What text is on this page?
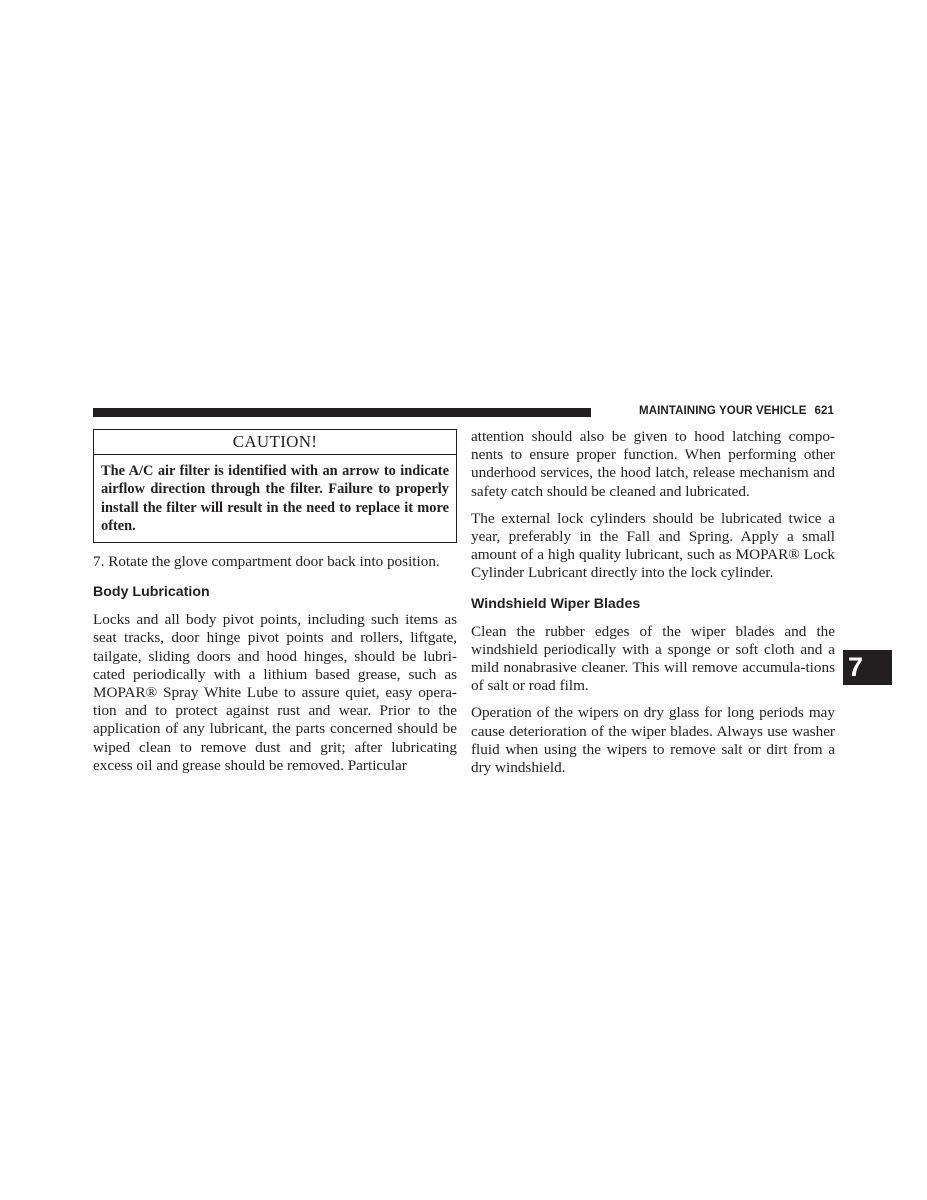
MAINTAINING YOUR VEHICLE 621
CAUTION!
The A/C air filter is identified with an arrow to indicate airflow direction through the filter. Failure to properly install the filter will result in the need to replace it more often.

7. Rotate the glove compartment door back into position.

Body Lubrication

Locks and all body pivot points, including such items as seat tracks, door hinge pivot points and rollers, liftgate, tailgate, sliding doors and hood hinges, should be lubri-cated periodically with a lithium based grease, such as MOPAR® Spray White Lube to assure quiet, easy opera-tion and to protect against rust and wear. Prior to the application of any lubricant, the parts concerned should be wiped clean to remove dust and grit; after lubricating excess oil and grease should be removed. Particular

attention should also be given to hood latching compo-nents to ensure proper function. When performing other underhood services, the hood latch, release mechanism and safety catch should be cleaned and lubricated.

The external lock cylinders should be lubricated twice a year, preferably in the Fall and Spring. Apply a small amount of a high quality lubricant, such as MOPAR® Lock Cylinder Lubricant directly into the lock cylinder.

Windshield Wiper Blades

Clean the rubber edges of the wiper blades and the windshield periodically with a sponge or soft cloth and a mild nonabrasive cleaner. This will remove accumula-tions of salt or road film.

Operation of the wipers on dry glass for long periods may cause deterioration of the wiper blades. Always use washer fluid when using the wipers to remove salt or dirt from a dry windshield.

7
